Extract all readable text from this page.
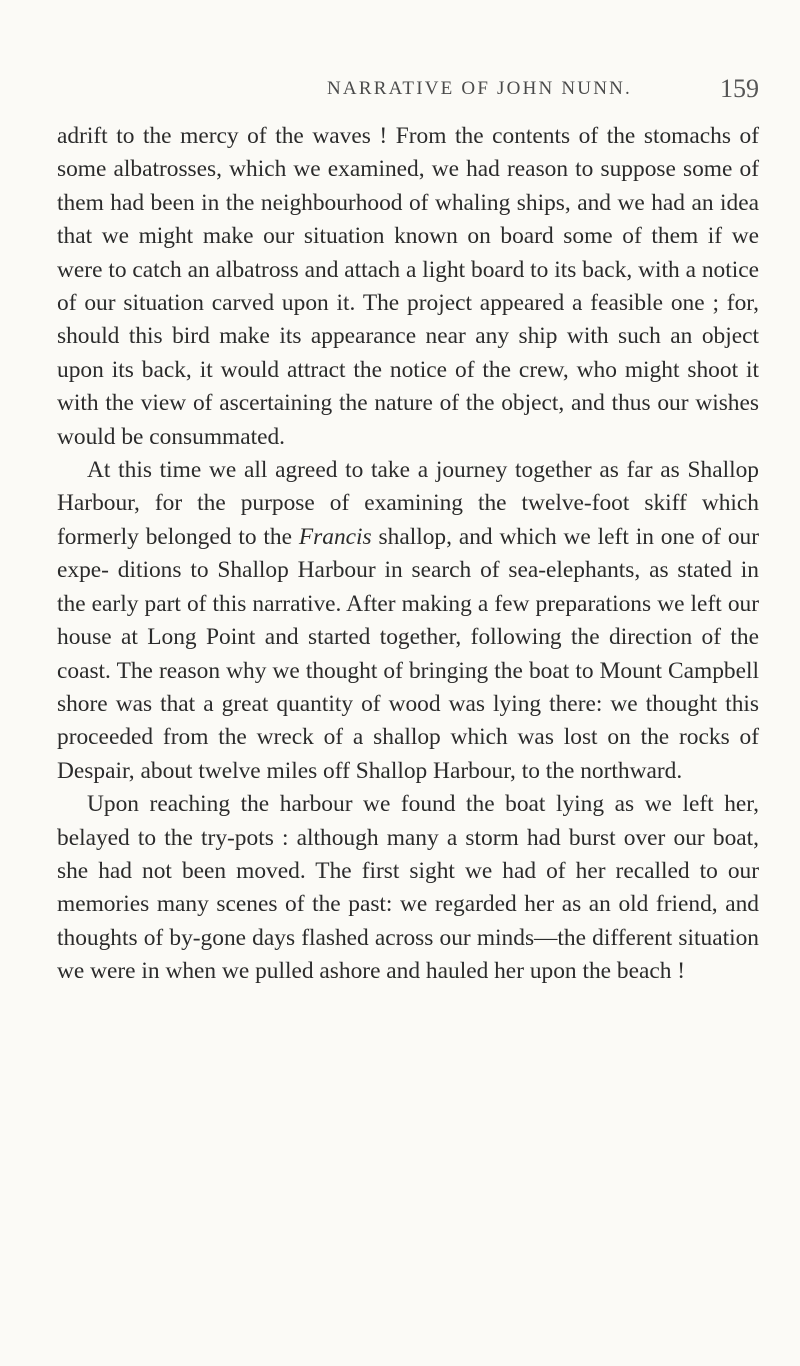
NARRATIVE OF JOHN NUNN.	159

adrift to the mercy of the waves ! From the contents of the stomachs of some albatrosses, which we examined, we had reason to suppose some of them had been in the neighbourhood of whaling ships, and we had an idea that we might make our situation known on board some of them if we were to catch an albatross and attach a light board to its back, with a notice of our situation carved upon it. The project appeared a feasible one ; for, should this bird make its appearance near any ship with such an object upon its back, it would attract the notice of the crew, who might shoot it with the view of ascertaining the nature of the object, and thus our wishes would be consummated.

At this time we all agreed to take a journey together as far as Shallop Harbour, for the purpose of examining the twelve-foot skiff which formerly belonged to the Francis shallop, and which we left in one of our expe- ditions to Shallop Harbour in search of sea-elephants, as stated in the early part of this narrative. After making a few preparations we left our house at Long Point and started together, following the direction of the coast. The reason why we thought of bringing the boat to Mount Campbell shore was that a great quantity of wood was lying there: we thought this proceeded from the wreck of a shallop which was lost on the rocks of Despair, about twelve miles off Shallop Harbour, to the northward.

Upon reaching the harbour we found the boat lying as we left her, belayed to the try-pots : although many a storm had burst over our boat, she had not been moved. The first sight we had of her recalled to our memories many scenes of the past: we regarded her as an old friend, and thoughts of by-gone days flashed across our minds—the different situation we were in when we pulled ashore and hauled her upon the beach !
